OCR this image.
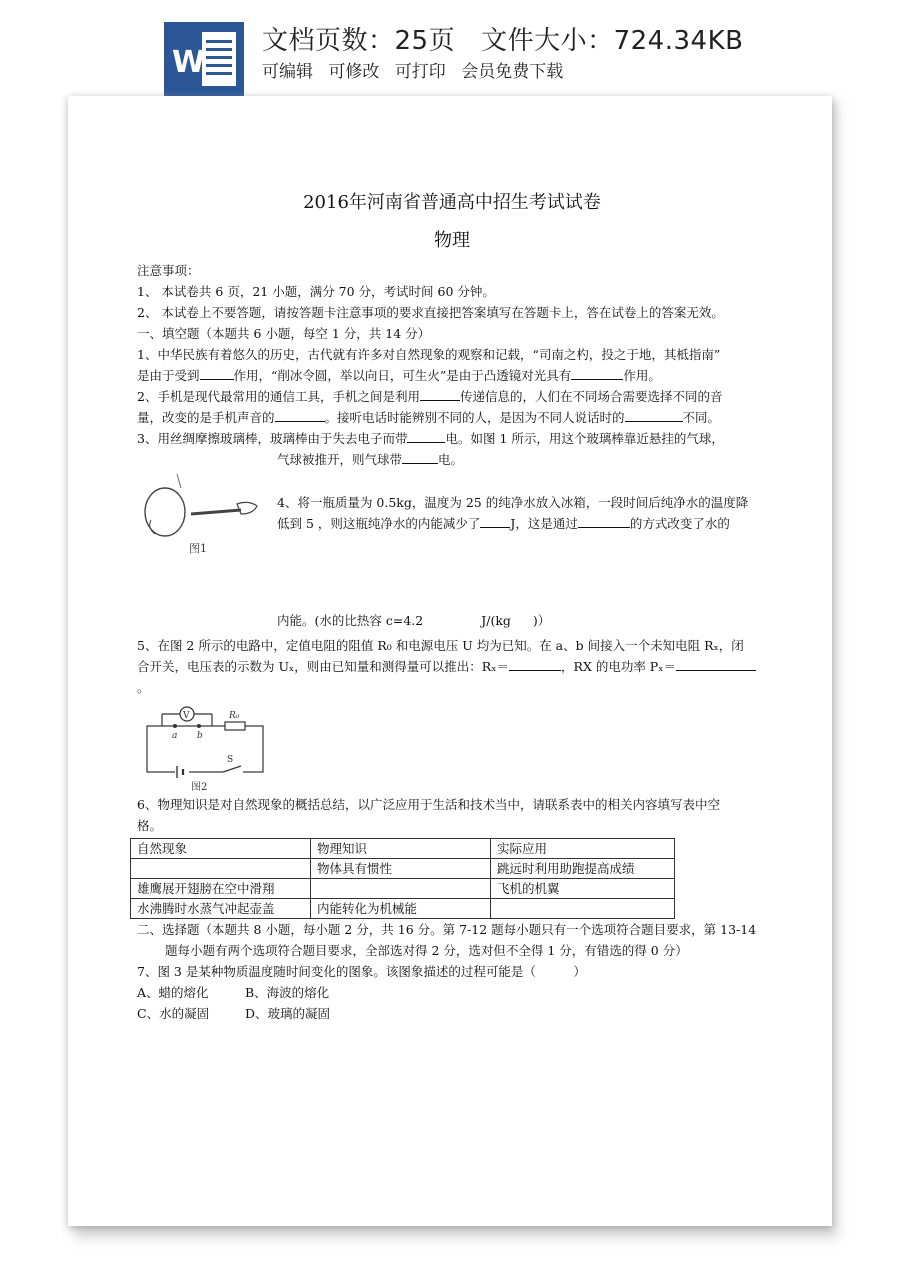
W
文档页数：25页 文件大小：724.34KB
可编辑 可修改 可打印 会员免费下载
2016年河南省普通高中招生考试试卷
物理

注意事项：

1、 本试卷共 6 页，21 小题，满分 70 分，考试时间 60 分钟。

2、 本试卷上不要答题，请按答题卡注意事项的要求直接把答案填写在答题卡上，答在试卷上的答案无效。

一、填空题（本题共 6 小题，每空 1 分，共 14 分）

1、中华民族有着悠久的历史，古代就有许多对自然现象的观察和记载，“司南之杓，投之于地，其柢指南”

是由于受到	作用，“削冰令圆，举以向日，可生火”是由于凸透镜对光具有	作用。

2、手机是现代最常用的通信工具，手机之间是利用	传递信息的，人们在不同场合需要选择不同的音

量，改变的是手机声音的	。接听电话时能辨别不同的人，是因为不同人说话时的	不同。

3、用丝绸摩擦玻璃棒，玻璃棒由于失去电子而带	电。如图 1 所示，用这个玻璃棒靠近悬挂的气球，

气球被推开，则气球带	电。

图1

4、将一瓶质量为 0.5kg，温度为 25 的纯净水放入冰箱，一段时间后纯净水的温度降

低到 5 ，则这瓶纯净水的内能减少了 J，这是通过	的方式改变了水的

内能。(水的比热容 c=4.2	J/(kg )）

5、在图 2 所示的电路中，定值电阻的阻值 R₀ 和电源电压 U 均为已知。在 a、b 间接入一个未知电阻 Rₓ，闭

合开关，电压表的示数为 Uₓ，则由已知量和测得量可以推出：Rₓ＝	，RX 的电功率 Pₓ＝。

V	R₀
a b
S
图2

6、物理知识是对自然现象的概括总结，以广泛应用于生活和技术当中，请联系表中的相关内容填写表中空

格。

自然现象	物理知识	实际应用
	物体具有惯性	跳远时利用助跑提高成绩
雄鹰展开翅膀在空中滑翔		飞机的机翼
水沸腾时水蒸气冲起壶盖	内能转化为机械能	

二、选择题（本题共 8 小题，每小题 2 分，共 16 分。第 7-12 题每小题只有一个选项符合题目要求，第 13-14

题每小题有两个选项符合题目要求，全部选对得 2 分，选对但不全得 1 分，有错选的得 0 分）

7、图 3 是某种物质温度随时间变化的图象。该图象描述的过程可能是（　　　）

A、蜡的熔化	B、海波的熔化

C、水的凝固	D、玻璃的凝固
